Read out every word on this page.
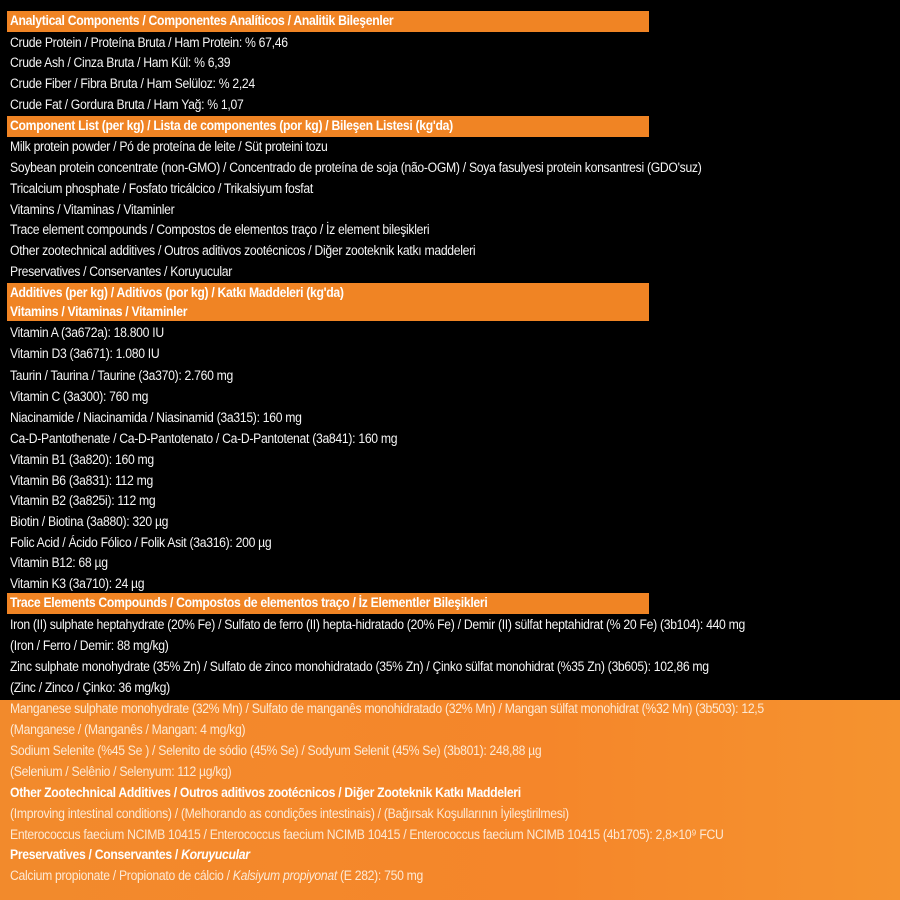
Analytical Components / Componentes Analíticos / Analitik Bileşenler
Crude Protein / Proteína Bruta / Ham Protein: % 67,46
Crude Ash / Cinza Bruta / Ham Kül: % 6,39
Crude Fiber / Fibra Bruta / Ham Selüloz: % 2,24
Crude Fat / Gordura Bruta / Ham Yağ: % 1,07
Component List (per kg) / Lista de componentes (por kg) / Bileşen Listesi (kg'da)
Milk protein powder / Pó de proteína de leite / Süt proteini tozu
Soybean protein concentrate (non-GMO) / Concentrado de proteína de soja (não-OGM) / Soya fasulyesi protein konsantresi (GDO'suz)
Tricalcium phosphate / Fosfato tricálcico / Trikalsiyum fosfat
Vitamins / Vitaminas / Vitaminler
Trace element compounds / Compostos de elementos traço / İz element bileşikleri
Other zootechnical additives / Outros aditivos zootécnicos / Diğer zooteknik katkı maddeleri
Preservatives / Conservantes / Koruyucular
Additives (per kg) / Aditivos (por kg) / Katkı Maddeleri (kg'da)
Vitamins / Vitaminas / Vitaminler
Vitamin A (3a672a): 18.800 IU
Vitamin D3 (3a671): 1.080 IU
Taurin / Taurina / Taurine (3a370): 2.760 mg
Vitamin C (3a300): 760 mg
Niacinamide / Niacinamida / Niasinamid (3a315): 160 mg
Ca-D-Pantothenate / Ca-D-Pantotenato / Ca-D-Pantotenat (3a841): 160 mg
Vitamin B1 (3a820): 160 mg
Vitamin B6 (3a831): 112 mg
Vitamin B2 (3a825i): 112 mg
Biotin / Biotina (3a880): 320 µg
Folic Acid / Ácido Fólico / Folik Asit (3a316): 200 µg
Vitamin B12: 68 µg
Vitamin K3 (3a710): 24 µg
Trace Elements Compounds / Compostos de elementos traço / İz Elementler Bileşikleri
Iron (II) sulphate heptahydrate (20% Fe) / Sulfato de ferro (II) hepta-hidratado (20% Fe) / Demir (II) sülfat heptahidrat (% 20 Fe) (3b104): 440 mg
(Iron / Ferro / Demir: 88 mg/kg)
Zinc sulphate monohydrate (35% Zn) / Sulfato de zinco monohidratado (35% Zn) / Çinko sülfat monohidrat (%35 Zn) (3b605): 102,86 mg
(Zinc / Zinco / Çinko: 36 mg/kg)
Manganese sulphate monohydrate (32% Mn) / Sulfato de manganês monohidratado (32% Mn) / Mangan sülfat monohidrat (%32 Mn) (3b503): 12,5
(Manganese / (Manganês / Mangan: 4 mg/kg)
Sodium Selenite (%45 Se ) / Selenito de sódio (45% Se) / Sodyum Selenit (45% Se) (3b801): 248,88 µg
(Selenium / Selênio / Selenyum: 112 µg/kg)
Other Zootechnical Additives / Outros aditivos zootécnicos / Diğer Zooteknik Katkı Maddeleri
(Improving intestinal conditions) / (Melhorando as condições intestinais) / (Bağırsak Koşullarının İyileştirilmesi)
Enterococcus faecium NCIMB 10415 / Enterococcus faecium NCIMB 10415 / Enterococcus faecium NCIMB 10415 (4b1705): 2,8×10⁹ FCU
Preservatives / Conservantes / Koruyucular
Calcium propionate / Propionato de cálcio / Kalsiyum propiyonat (E 282): 750 mg
